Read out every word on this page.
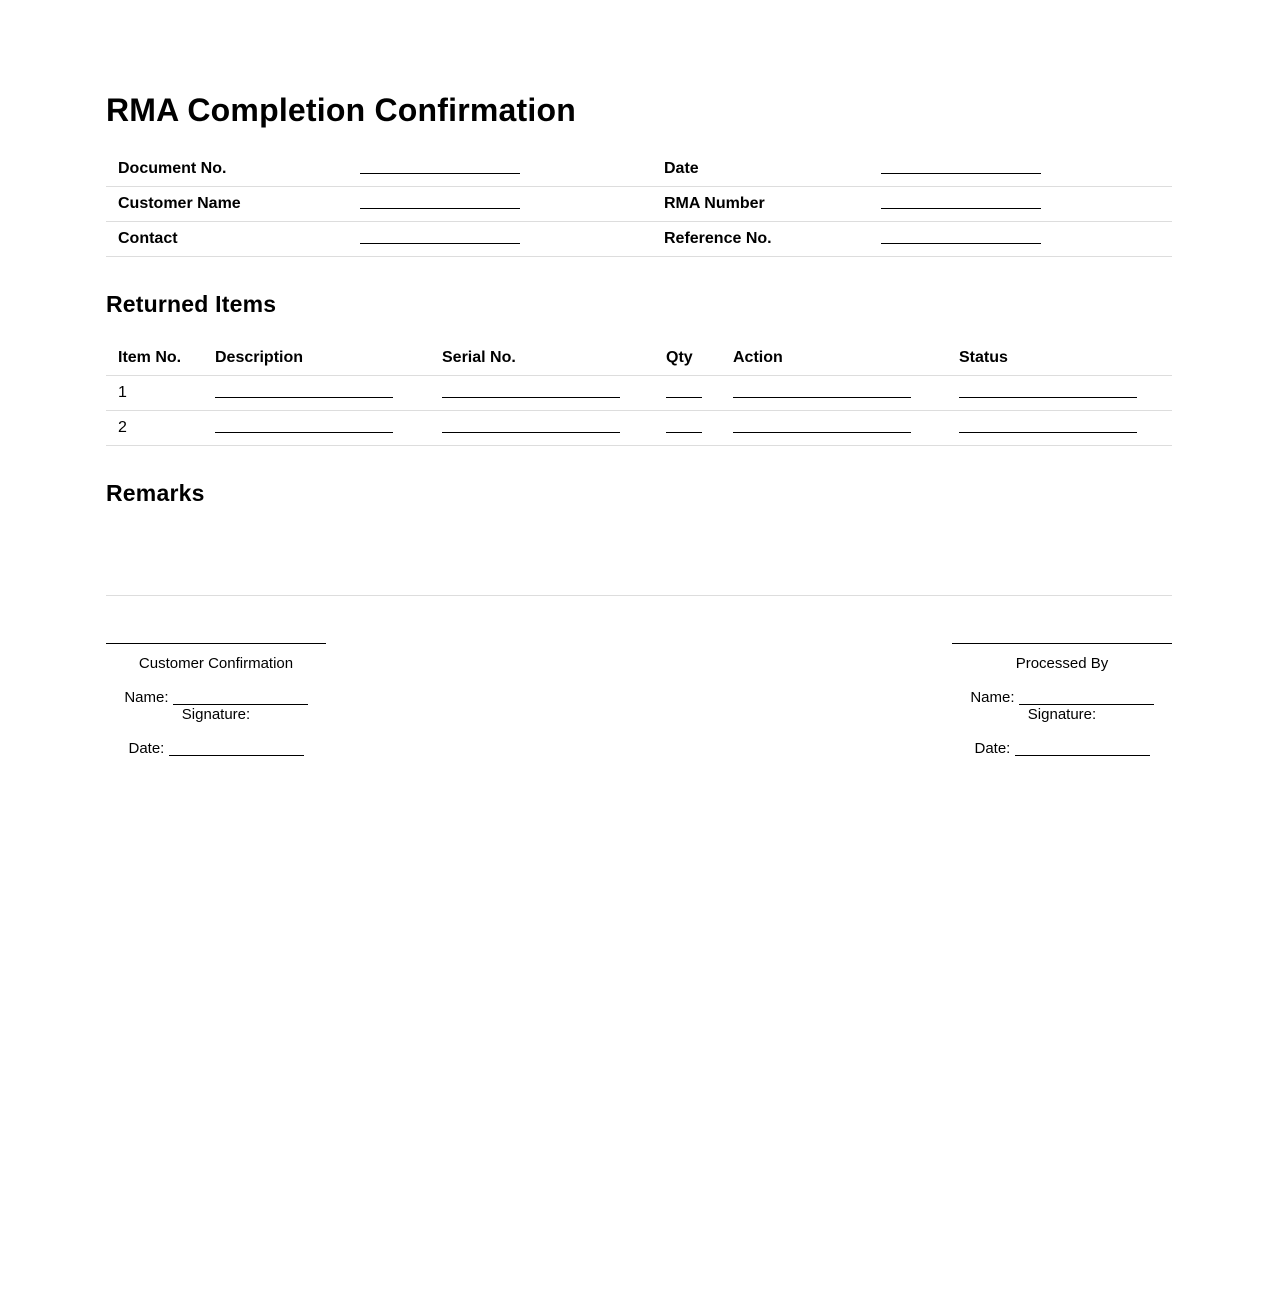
RMA Completion Confirmation
Document No.		Date	
Customer Name		RMA Number	
Contact		Reference No.	
Returned Items
Item No.	Description	Serial No.	Qty	Action	Status
1					
2					
Remarks
Customer Confirmation
Name:
Signature:
Date:
Processed By
Name:
Signature:
Date:
